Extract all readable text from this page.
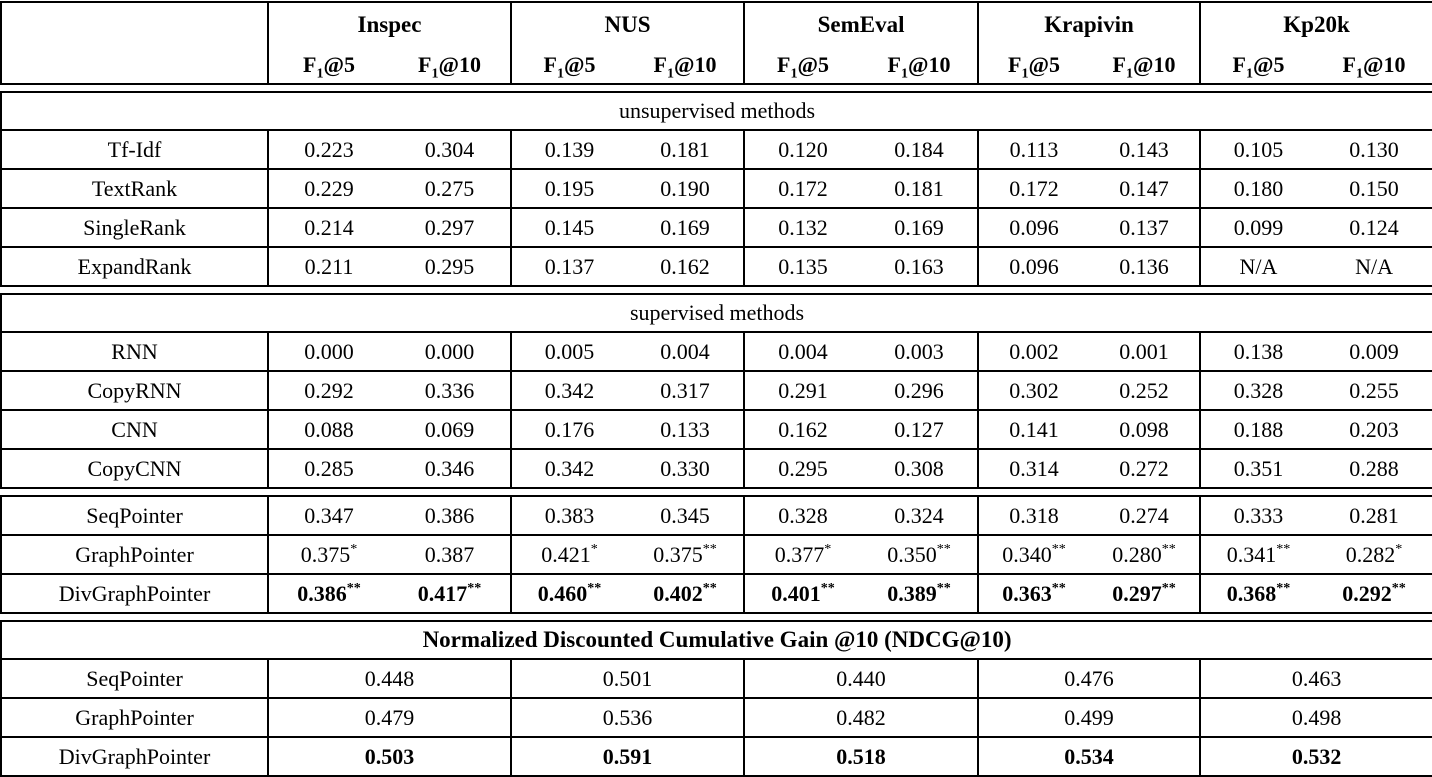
	Inspec		NUS		SemEval		Krapivin		Kp20k	
	$F_1@5$	$F_1@10$	$F_1@5$	$F_1@10$	$F_1@5$	$F_1@10$	$F_1@5$	$F_1@10$	$F_1@5$	$F_1@10$
unsupervised methods										
Tf-Idf	0.223	0.304	0.139	0.181	0.120	0.184	0.113	0.143	0.105	0.130
TextRank	0.229	0.275	0.195	0.190	0.172	0.181	0.172	0.147	0.180	0.150
SingleRank	0.214	0.297	0.145	0.169	0.132	0.169	0.096	0.137	0.099	0.124
ExpandRank	0.211	0.295	0.137	0.162	0.135	0.163	0.096	0.136	N/A	N/A
supervised methods										
RNN	0.000	0.000	0.005	0.004	0.004	0.003	0.002	0.001	0.138	0.009
CopyRNN	0.292	0.336	0.342	0.317	0.291	0.296	0.302	0.252	0.328	0.255
CNN	0.088	0.069	0.176	0.133	0.162	0.127	0.141	0.098	0.188	0.203
CopyCNN	0.285	0.346	0.342	0.330	0.295	0.308	0.314	0.272	0.351	0.288
SeqPointer	0.347	0.386	0.383	0.345	0.328	0.324	0.318	0.274	0.333	0.281
GraphPointer	0.375*	0.387	0.421*	0.375**	0.377*	0.350**	0.340**	0.280**	0.341**	0.282*
DivGraphPointer	0.386**	0.417**	0.460**	0.402**	0.401**	0.389**	0.363**	0.297**	0.368**	0.292**
Normalized Discounted Cumulative Gain @10 (NDCG@10)					
SeqPointer	0.448	0.501	0.440	0.476	0.463
GraphPointer	0.479	0.536	0.482	0.499	0.498
DivGraphPointer	0.503	0.591	0.518	0.534	0.532
